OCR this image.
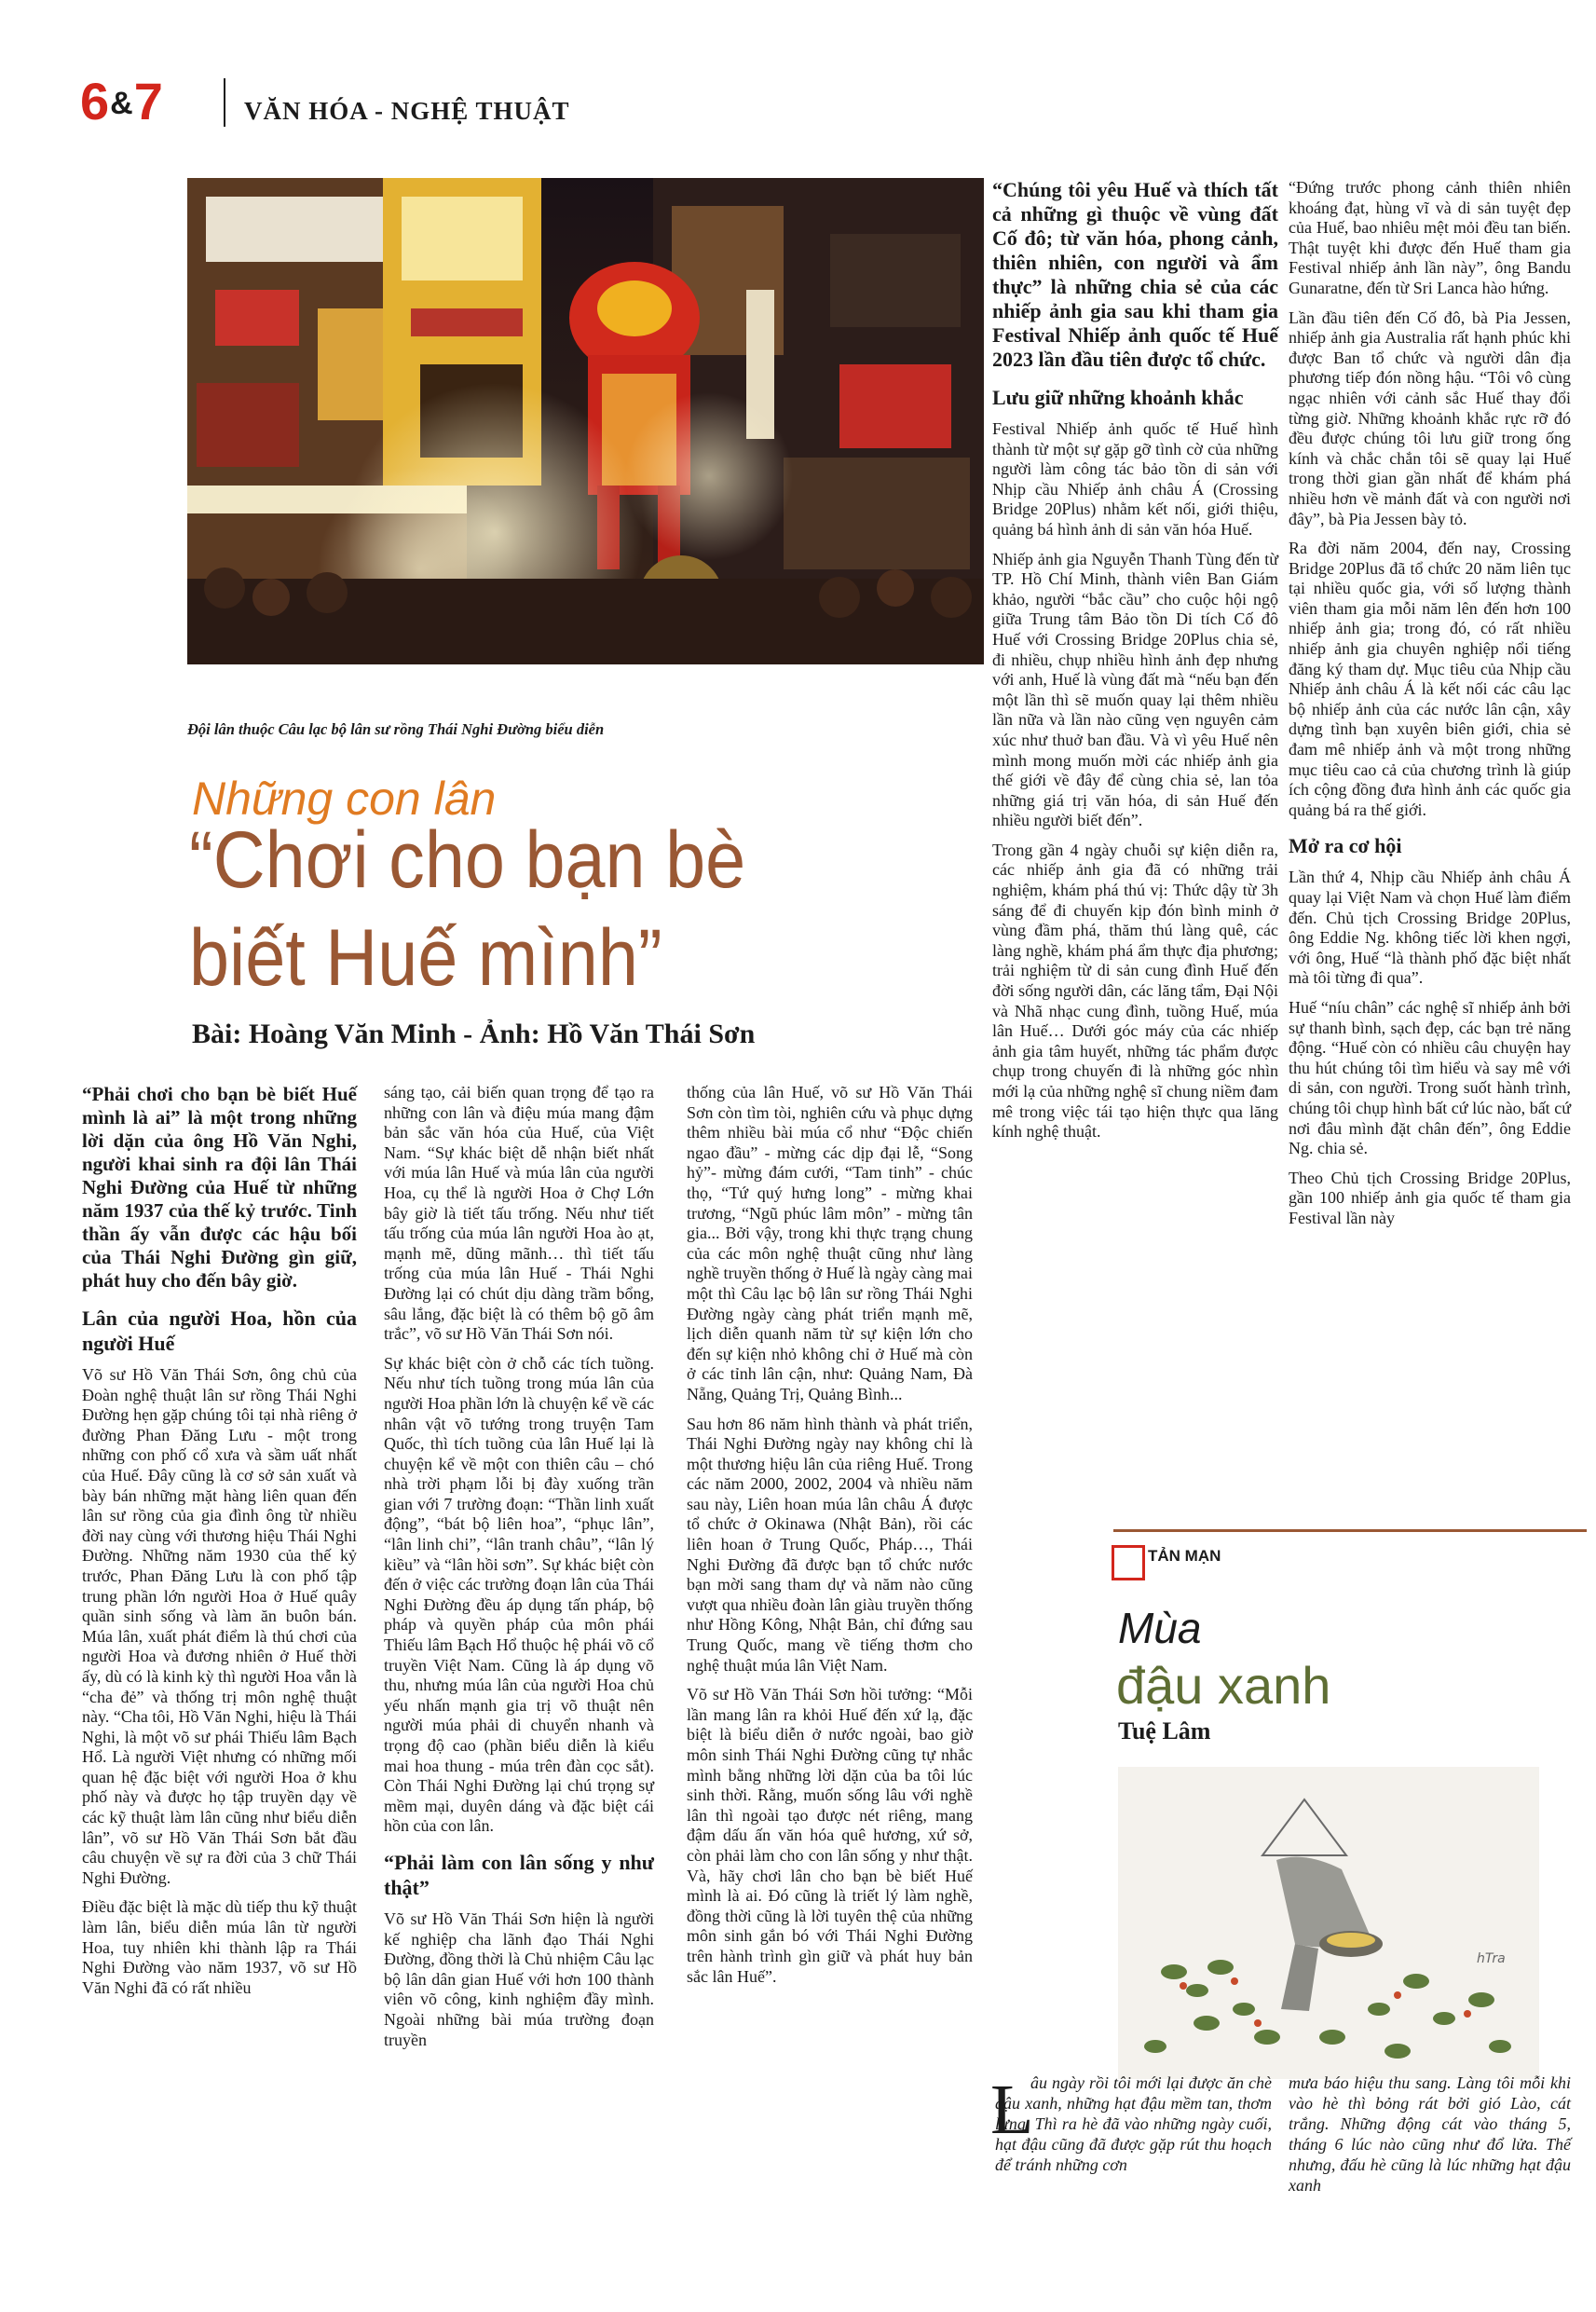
6&7	VĂN HÓA - NGHỆ THUẬT
Đội lân thuộc Câu lạc bộ lân sư rồng Thái Nghi Đường biểu diễn
Những con lân
“Chơi cho bạn bè
biết Huế mình”
Bài: Hoàng Văn Minh - Ảnh: Hồ Văn Thái Sơn

“Phải chơi cho bạn bè biết Huế mình là ai” là một trong những lời dặn của ông Hồ Văn Nghi, người khai sinh ra đội lân Thái Nghi Đường của Huế từ những năm 1937 của thế kỷ trước. Tinh thần ấy vẫn được các hậu bối của Thái Nghi Đường gìn giữ, phát huy cho đến bây giờ.

Lân của người Hoa, hồn của người Huế

Võ sư Hồ Văn Thái Sơn, ông chủ của Đoàn nghệ thuật lân sư rồng Thái Nghi Đường hẹn gặp chúng tôi tại nhà riêng ở đường Phan Đăng Lưu - một trong những con phố cổ xưa và sầm uất nhất của Huế. Đây cũng là cơ sở sản xuất và bày bán những mặt hàng liên quan đến lân sư rồng của gia đình ông từ nhiều đời nay cùng với thương hiệu Thái Nghi Đường. Những năm 1930 của thế kỷ trước, Phan Đăng Lưu là con phố tập trung phần lớn người Hoa ở Huế quây quần sinh sống và làm ăn buôn bán. Múa lân, xuất phát điểm là thú chơi của người Hoa và đương nhiên ở Huế thời ấy, dù có là kinh kỳ thì người Hoa vẫn là “cha đẻ” và thống trị môn nghệ thuật này. “Cha tôi, Hồ Văn Nghi, hiệu là Thái Nghi, là một võ sư phái Thiếu lâm Bạch Hổ. Là người Việt nhưng có những mối quan hệ đặc biệt với người Hoa ở khu phố này và được họ tập truyền dạy về các kỹ thuật làm lân cũng như biểu diễn lân”, võ sư Hồ Văn Thái Sơn bắt đầu câu chuyện về sự ra đời của 3 chữ Thái Nghi Đường.

Điều đặc biệt là mặc dù tiếp thu kỹ thuật làm lân, biểu diễn múa lân từ người Hoa, tuy nhiên khi thành lập ra Thái Nghi Đường vào năm 1937, võ sư Hồ Văn Nghi đã có rất nhiều

sáng tạo, cải biến quan trọng để tạo ra những con lân và điệu múa mang đậm bản sắc văn hóa của Huế, của Việt Nam. “Sự khác biệt dễ nhận biết nhất với múa lân Huế và múa lân của người Hoa, cụ thể là người Hoa ở Chợ Lớn bây giờ là tiết tấu trống. Nếu như tiết tấu trống của múa lân người Hoa ào ạt, mạnh mẽ, dũng mãnh… thì tiết tấu trống của múa lân Huế - Thái Nghi Đường lại có chút dịu dàng trầm bổng, sâu lắng, đặc biệt là có thêm bộ gõ âm trắc”, võ sư Hồ Văn Thái Sơn nói.

Sự khác biệt còn ở chỗ các tích tuồng. Nếu như tích tuồng trong múa lân của người Hoa phần lớn là chuyện kể về các nhân vật võ tướng trong truyện Tam Quốc, thì tích tuồng của lân Huế lại là chuyện kể về một con thiên câu – chó nhà trời phạm lỗi bị đày xuống trần gian với 7 trường đoạn: “Thần linh xuất động”, “bát bộ liên hoa”, “phục lân”, “lân linh chi”, “lân tranh châu”, “lân lý kiều” và “lân hồi sơn”. Sự khác biệt còn đến ở việc các trường đoạn lân của Thái Nghi Đường đều áp dụng tấn pháp, bộ pháp và quyền pháp của môn phái Thiếu lâm Bạch Hổ thuộc hệ phái võ cổ truyền Việt Nam. Cũng là áp dụng võ thu, nhưng múa lân của người Hoa chủ yếu nhấn mạnh gia trị võ thuật nên người múa phải di chuyển nhanh và trọng độ cao (phần biểu diễn là kiểu mai hoa thung - múa trên đàn cọc sắt). Còn Thái Nghi Đường lại chú trọng sự mềm mại, duyên dáng và đặc biệt cái hồn của con lân.

“Phải làm con lân sống y như thật”

Võ sư Hồ Văn Thái Sơn hiện là người kế nghiệp cha lãnh đạo Thái Nghi Đường, đồng thời là Chủ nhiệm Câu lạc bộ lân dân gian Huế với hơn 100 thành viên võ công, kinh nghiệm đầy mình. Ngoài những bài múa trường đoạn truyền

thống của lân Huế, võ sư Hồ Văn Thái Sơn còn tìm tòi, nghiên cứu và phục dựng thêm nhiều bài múa cổ như “Độc chiến ngao đầu” - mừng các dịp đại lễ, “Song hỷ”- mừng đám cưới, “Tam tinh” - chúc thọ, “Tứ quý hưng long” - mừng khai trương, “Ngũ phúc lâm môn” - mừng tân gia... Bởi vậy, trong khi thực trạng chung của các môn nghệ thuật cũng như làng nghề truyền thống ở Huế là ngày càng mai một thì Câu lạc bộ lân sư rồng Thái Nghi Đường ngày càng phát triển mạnh mẽ, lịch diễn quanh năm từ sự kiện lớn cho đến sự kiện nhỏ không chỉ ở Huế mà còn ở các tỉnh lân cận, như: Quảng Nam, Đà Nẵng, Quảng Trị, Quảng Bình...

Sau hơn 86 năm hình thành và phát triển, Thái Nghi Đường ngày nay không chỉ là một thương hiệu lân của riêng Huế. Trong các năm 2000, 2002, 2004 và nhiều năm sau này, Liên hoan múa lân châu Á được tổ chức ở Okinawa (Nhật Bản), rồi các liên hoan ở Trung Quốc, Pháp…, Thái Nghi Đường đã được bạn tổ chức nước bạn mời sang tham dự và năm nào cũng vượt qua nhiều đoàn lân giàu truyền thống như Hồng Kông, Nhật Bản, chỉ đứng sau Trung Quốc, mang về tiếng thơm cho nghệ thuật múa lân Việt Nam.

Võ sư Hồ Văn Thái Sơn hồi tưởng: “Mỗi lần mang lân ra khỏi Huế đến xứ lạ, đặc biệt là biểu diễn ở nước ngoài, bao giờ môn sinh Thái Nghi Đường cũng tự nhắc mình bằng những lời dặn của ba tôi lúc sinh thời. Rằng, muốn sống lâu với nghề lân thì ngoài tạo được nét riêng, mang đậm dấu ấn văn hóa quê hương, xứ sở, còn phải làm cho con lân sống y như thật. Và, hãy chơi lân cho bạn bè biết Huế mình là ai. Đó cũng là triết lý làm nghề, đồng thời cũng là lời tuyên thệ của những môn sinh gắn bó với Thái Nghi Đường trên hành trình gìn giữ và phát huy bản sắc lân Huế”.

“Chúng tôi yêu Huế và thích tất cả những gì thuộc về vùng đất Cố đô; từ văn hóa, phong cảnh, thiên nhiên, con người và ẩm thực” là những chia sẻ của các nhiếp ảnh gia sau khi tham gia Festival Nhiếp ảnh quốc tế Huế 2023 lần đầu tiên được tổ chức.

Lưu giữ những khoảnh khắc

Festival Nhiếp ảnh quốc tế Huế hình thành từ một sự gặp gỡ tình cờ của những người làm công tác bảo tồn di sản với Nhịp cầu Nhiếp ảnh châu Á (Crossing Bridge 20Plus) nhằm kết nối, giới thiệu, quảng bá hình ảnh di sản văn hóa Huế.

Nhiếp ảnh gia Nguyễn Thanh Tùng đến từ TP. Hồ Chí Minh, thành viên Ban Giám khảo, người “bắc cầu” cho cuộc hội ngộ giữa Trung tâm Bảo tồn Di tích Cố đô Huế với Crossing Bridge 20Plus chia sẻ, đi nhiều, chụp nhiều hình ảnh đẹp nhưng với anh, Huế là vùng đất mà “nếu bạn đến một lần thì sẽ muốn quay lại thêm nhiều lần nữa và lần nào cũng vẹn nguyên cảm xúc như thuở ban đầu. Và vì yêu Huế nên mình mong muốn mời các nhiếp ảnh gia thế giới về đây để cùng chia sẻ, lan tỏa những giá trị văn hóa, di sản Huế đến nhiều người biết đến”.

Trong gần 4 ngày chuỗi sự kiện diễn ra, các nhiếp ảnh gia đã có những trải nghiệm, khám phá thú vị: Thức dậy từ 3h sáng để đi chuyến kịp đón bình minh ở vùng đầm phá, thăm thú làng quê, các làng nghề, khám phá ẩm thực địa phương; trải nghiệm từ di sản cung đình Huế đến đời sống người dân, các lăng tẩm, Đại Nội và Nhã nhạc cung đình, tuồng Huế, múa lân Huế… Dưới góc máy của các nhiếp ảnh gia tâm huyết, những tác phẩm được chụp trong chuyến đi là những góc nhìn mới lạ của những nghệ sĩ chung niềm đam mê trong việc tái tạo hiện thực qua lăng kính nghệ thuật.

“Đứng trước phong cảnh thiên nhiên khoáng đạt, hùng vĩ và di sản tuyệt đẹp của Huế, bao nhiêu mệt mỏi đều tan biến. Thật tuyệt khi được đến Huế tham gia Festival nhiếp ảnh lần này”, ông Bandu Gunaratne, đến từ Sri Lanca hào hứng.

Lần đầu tiên đến Cố đô, bà Pia Jessen, nhiếp ảnh gia Australia rất hạnh phúc khi được Ban tổ chức và người dân địa phương tiếp đón nồng hậu. “Tôi vô cùng ngạc nhiên với cảnh sắc Huế thay đổi từng giờ. Những khoảnh khắc rực rỡ đó đều được chúng tôi lưu giữ trong ống kính và chắc chắn tôi sẽ quay lại Huế trong thời gian gần nhất để khám phá nhiều hơn về mảnh đất và con người nơi đây”, bà Pia Jessen bày tỏ.

Ra đời năm 2004, đến nay, Crossing Bridge 20Plus đã tổ chức 20 năm liên tục tại nhiều quốc gia, với số lượng thành viên tham gia mỗi năm lên đến hơn 100 nhiếp ảnh gia; trong đó, có rất nhiều nhiếp ảnh gia chuyên nghiệp nổi tiếng đăng ký tham dự. Mục tiêu của Nhịp cầu Nhiếp ảnh châu Á là kết nối các câu lạc bộ nhiếp ảnh của các nước lân cận, xây dựng tình bạn xuyên biên giới, chia sẻ đam mê nhiếp ảnh và một trong những mục tiêu cao cả của chương trình là giúp ích cộng đồng đưa hình ảnh các quốc gia quảng bá ra thế giới.

Mở ra cơ hội

Lần thứ 4, Nhịp cầu Nhiếp ảnh châu Á quay lại Việt Nam và chọn Huế làm điểm đến. Chủ tịch Crossing Bridge 20Plus, ông Eddie Ng. không tiếc lời khen ngợi, với ông, Huế “là thành phố đặc biệt nhất mà tôi từng đi qua”.

Huế “níu chân” các nghệ sĩ nhiếp ảnh bởi sự thanh bình, sạch đẹp, các bạn trẻ năng động. “Huế còn có nhiều câu chuyện hay thu hút chúng tôi tìm hiểu và say mê với di sản, con người. Trong suốt hành trình, chúng tôi chụp hình bất cứ lúc nào, bất cứ nơi đâu mình đặt chân đến”, ông Eddie Ng. chia sẻ.

Theo Chủ tịch Crossing Bridge 20Plus, gần 100 nhiếp ảnh gia quốc tế tham gia Festival lần này

TẢN MẠN
Mùa
đậu xanh
Tuệ Lâm
hTra
L
âu ngày rồi tôi mới lại được ăn chè đậu xanh, những hạt đậu mềm tan, thơm lựng. Thì ra hè đã vào những ngày cuối, hạt đậu cũng đã được gặp rút thu hoạch để tránh những cơn
mưa báo hiệu thu sang. Làng tôi mỗi khi vào hè thì bỏng rát bởi gió Lào, cát trắng. Những động cát vào tháng 5, tháng 6 lúc nào cũng như đổ lửa. Thế nhưng, đấu hè cũng là lúc những hạt đậu xanh
